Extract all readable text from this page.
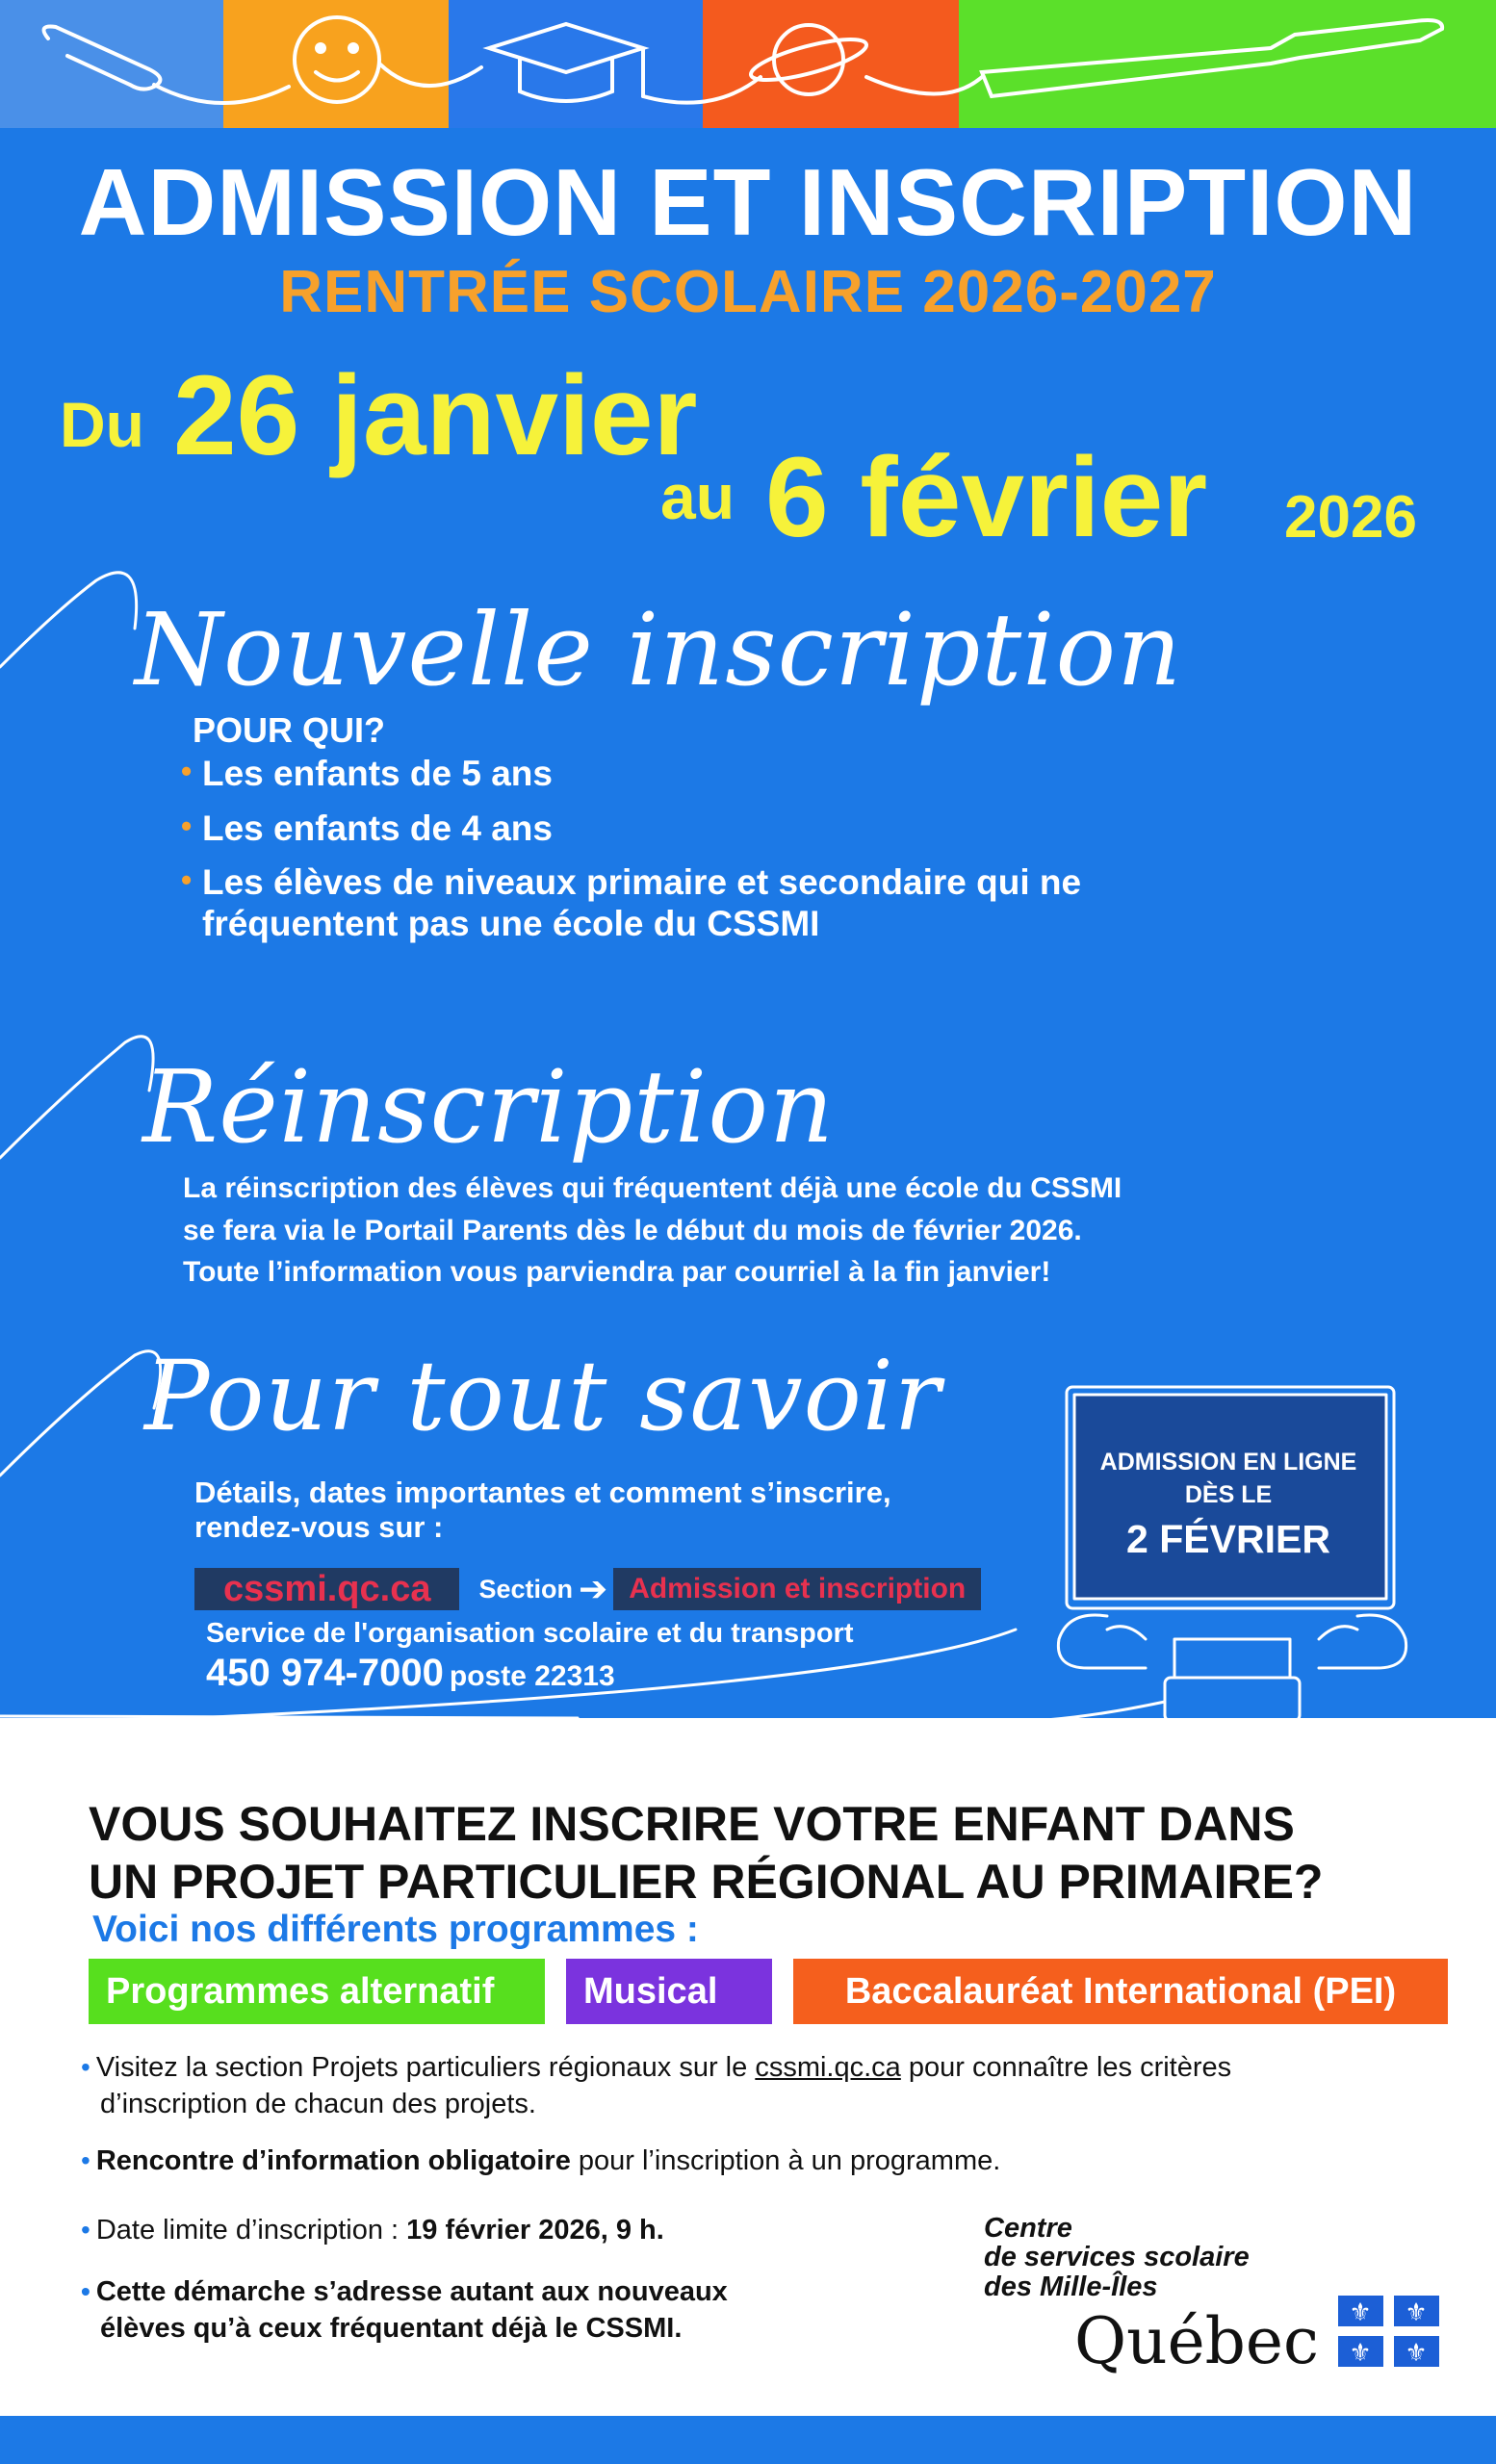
ADMISSION ET INSCRIPTION
RENTRÉE SCOLAIRE 2026-2027
Du 26 janvier
au 6 février 2026
Nouvelle inscription
POUR QUI?
• Les enfants de 5 ans
• Les enfants de 4 ans
• Les élèves de niveaux primaire et secondaire qui ne fréquentent pas une école du CSSMI
Réinscription
La réinscription des élèves qui fréquentent déjà une école du CSSMI
se fera via le Portail Parents dès le début du mois de février 2026.
Toute l’information vous parviendra par courriel à la fin janvier!
Pour tout savoir
Détails, dates importantes et comment s’inscrire,
rendez-vous sur :
cssmi.qc.ca	Section ➔ Admission et inscription
Service de l'organisation scolaire et du transport
450 974-7000 poste 22313
ADMISSION EN LIGNE
DÈS LE
2 FÉVRIER
VOUS SOUHAITEZ INSCRIRE VOTRE ENFANT DANS
UN PROJET PARTICULIER RÉGIONAL AU PRIMAIRE?
Voici nos différents programmes :
Programmes alternatif	Musical	Baccalauréat International (PEI)
• Visitez la section Projets particuliers régionaux sur le cssmi.qc.ca pour connaître les critères
d’inscription de chacun des projets.
• Rencontre d’information obligatoire pour l’inscription à un programme.
• Date limite d’inscription : 19 février 2026, 9 h.
• Cette démarche s’adresse autant aux nouveaux
élèves qu’à ceux fréquentant déjà le CSSMI.
Centre
de services scolaire
des Mille-Îles
Québec ⚜ ⚜
⚜ ⚜
